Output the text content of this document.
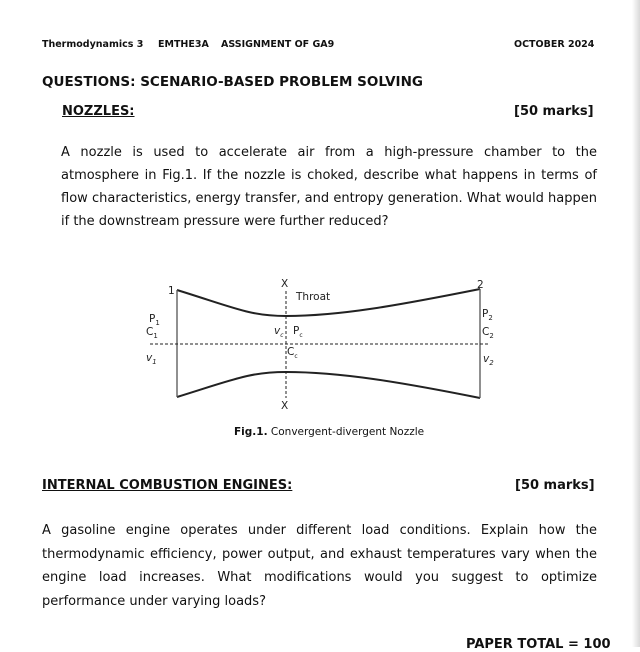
Thermodynamics 3 EMTHE3A ASSIGNMENT OF GA9	OCTOBER 2024
QUESTIONS: SCENARIO-BASED PROBLEM SOLVING
NOZZLES:	[50 marks]
A nozzle is used to accelerate air from a high-pressure chamber to the atmosphere in Fig.1. If the nozzle is choked, describe what happens in terms of flow characteristics, energy transfer, and entropy generation. What would happen if the downstream pressure were further reduced?
1	2
X
X
Throat
$P_1$
$C_1$
$v_1$
$P_2$
$C_2$
$v_2$
$v_c$ $P_c$
$C_c$
Fig.1. Convergent-divergent Nozzle
INTERNAL COMBUSTION ENGINES:	[50 marks]
A gasoline engine operates under different load conditions. Explain how the thermodynamic efficiency, power output, and exhaust temperatures vary when the engine load increases. What modifications would you suggest to optimize performance under varying loads?
PAPER TOTAL = 100
